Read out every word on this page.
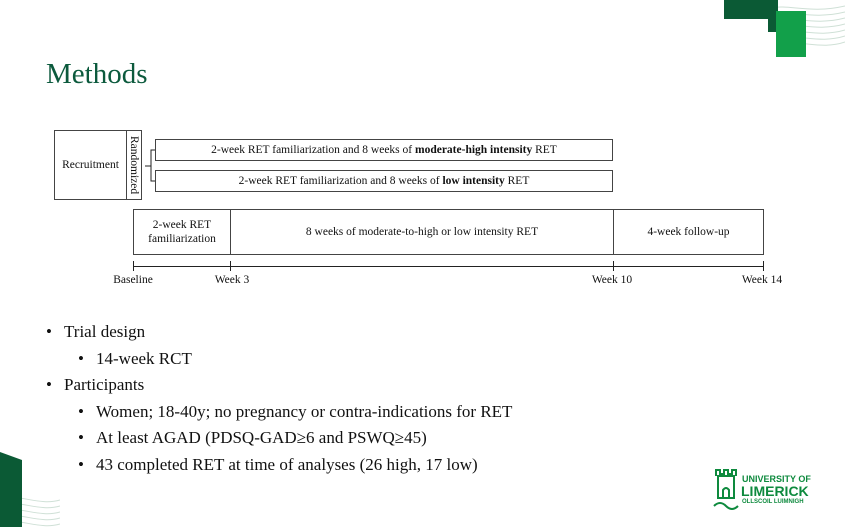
Methods
Recruitment Randomized	2-week RET familiarization and 8 weeks of moderate-high intensity RET
2-week RET familiarization and 8 weeks of low intensity RET
2-week RET familiarization
8 weeks of moderate-to-high or low intensity RET	4-week follow-up
Baseline	Week 3	Week 10	Week 14
• Trial design
• 14-week RCT
• Participants
• Women; 18-40y; no pregnancy or contra-indications for RET
• At least AGAD (PDSQ-GAD≥6 and PSWQ≥45)
• 43 completed RET at time of analyses (26 high, 17 low)
UNIVERSITY OF
LIMERICK
OLLSCOIL LUIMNIGH
